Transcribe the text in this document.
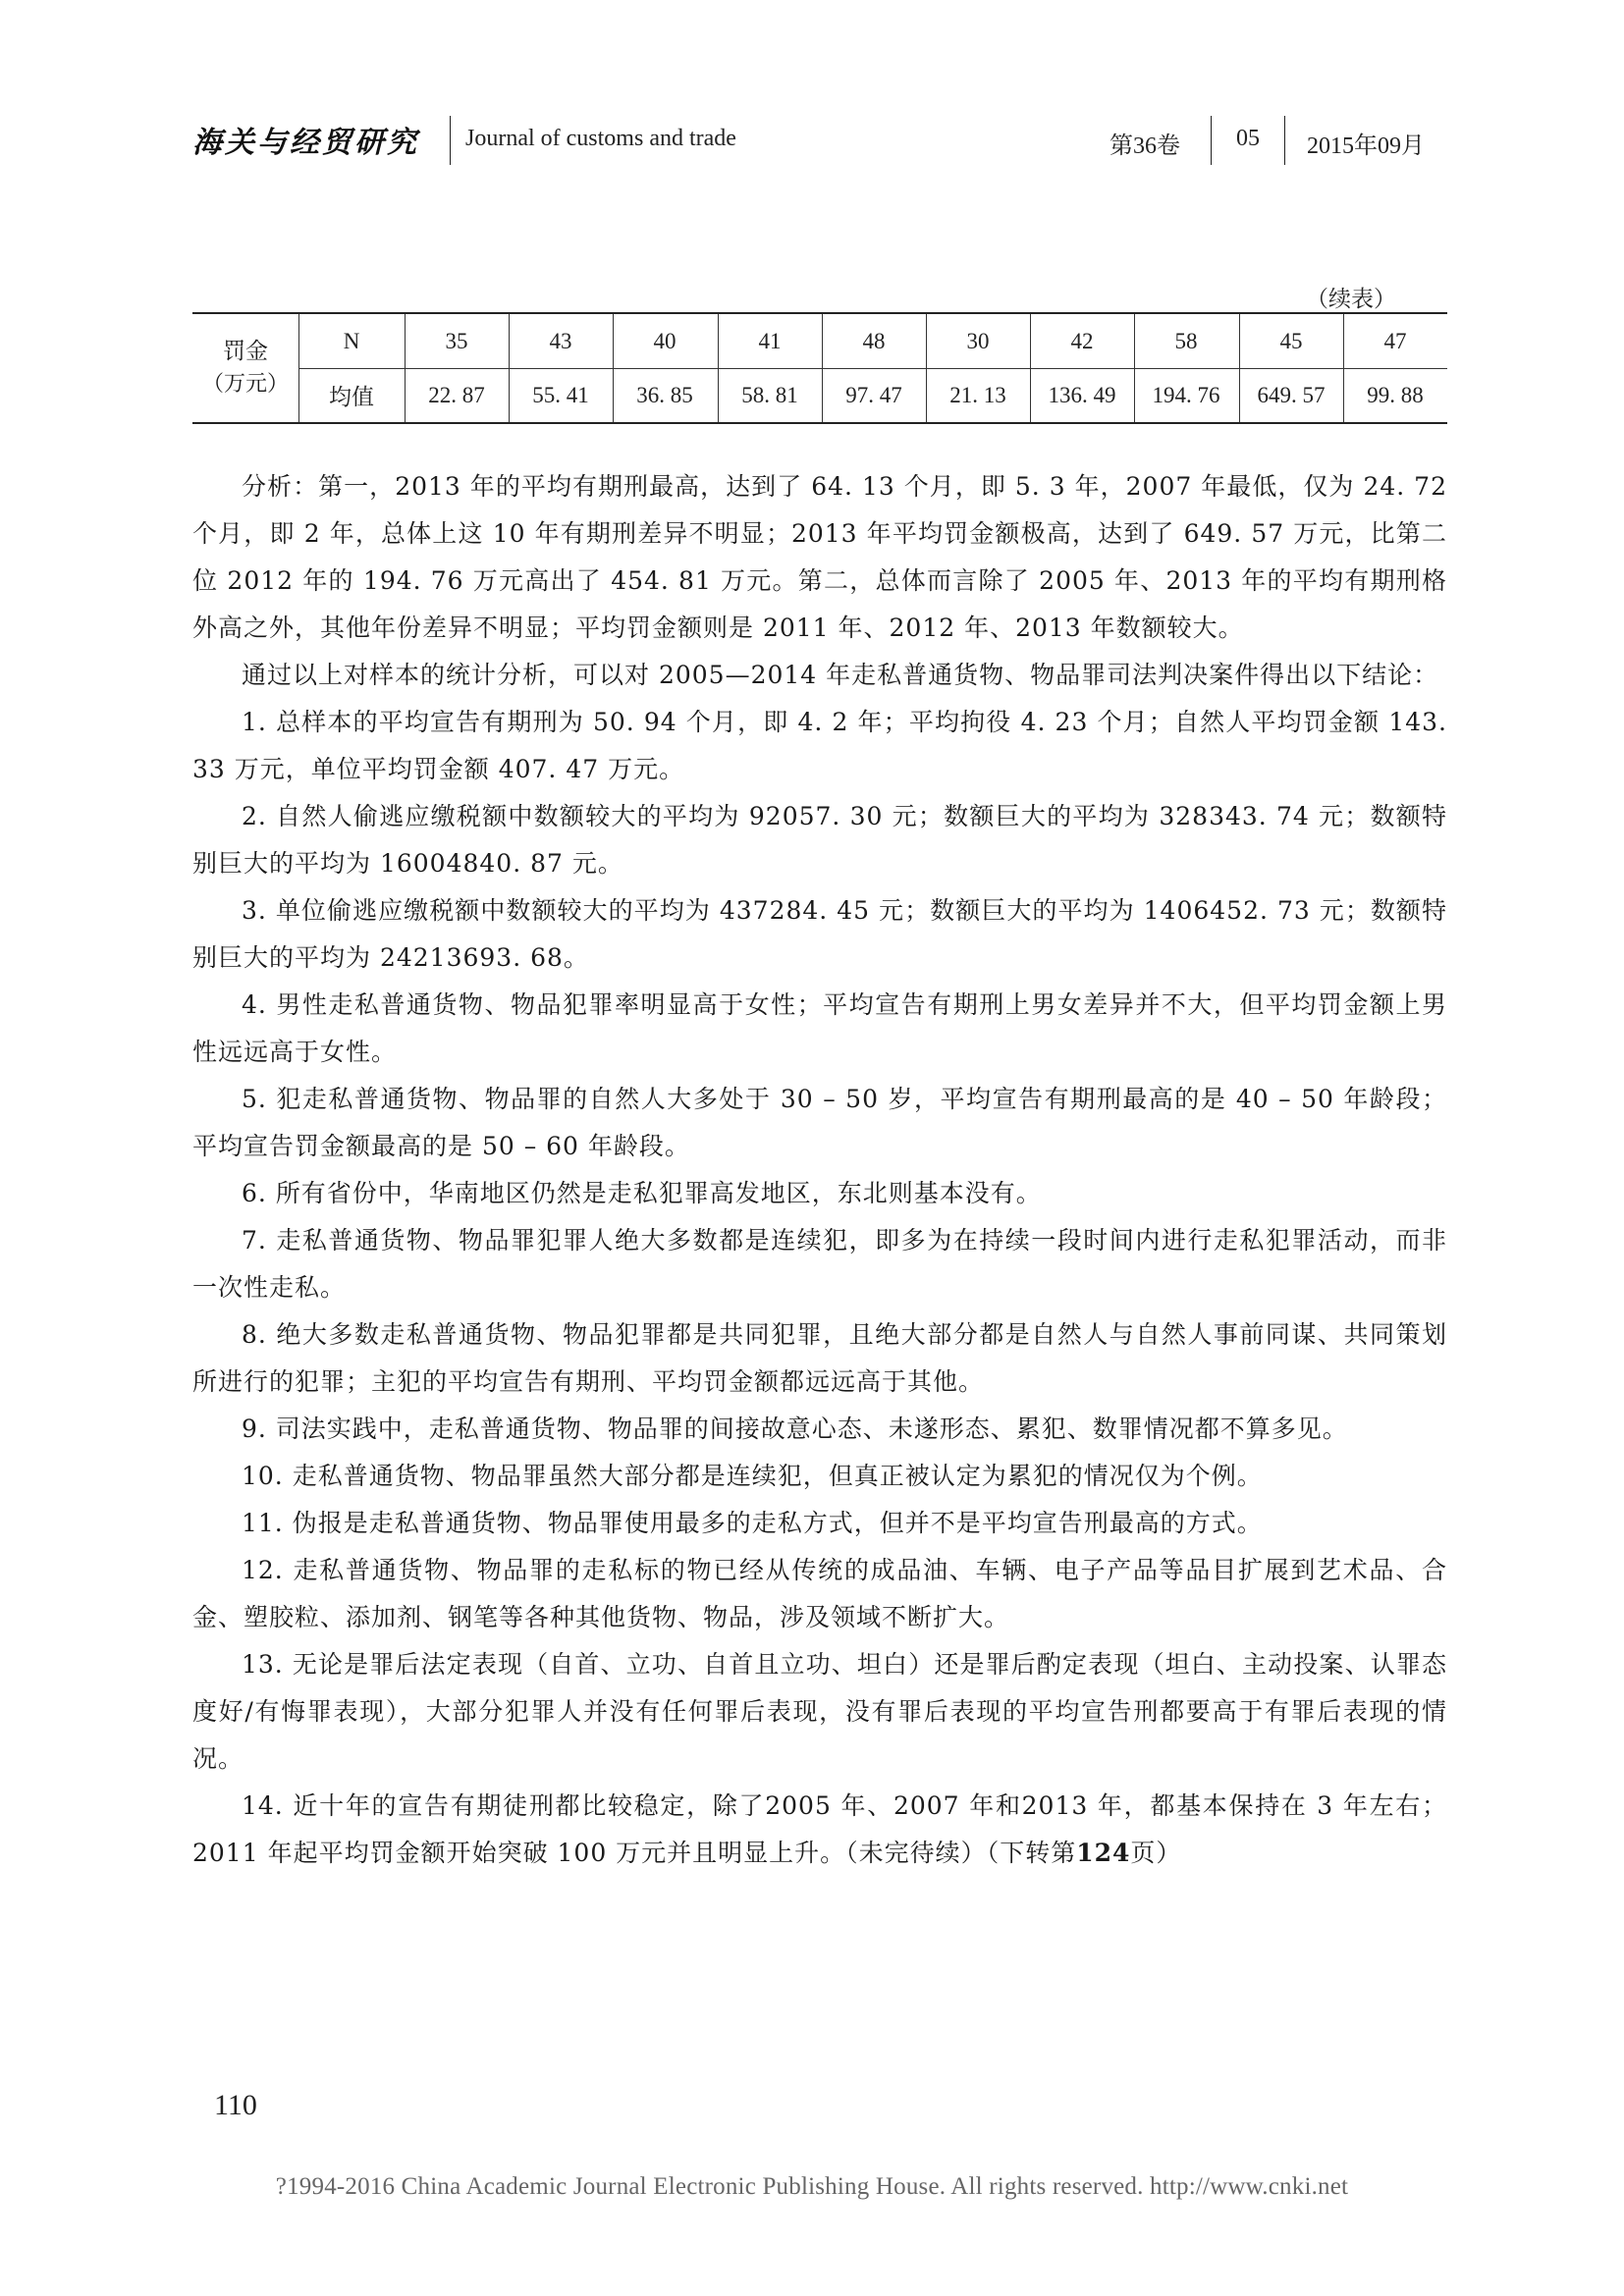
海关与经贸研究 Journal of customs and trade	第36卷 05 2015年09月
（续表）
罚金
（万元）
N
均值
35
22. 87
43
55. 41
40
36. 85
41
58. 81
48
97. 47
30
21. 13
42
136. 49
58
194. 76
45
649. 57
47
99. 88

分析：第一，2013 年的平均有期刑最高，达到了 64. 13 个月，即 5. 3 年，2007 年最低，仅为 24. 72 个月，即 2 年，总体上这 10 年有期刑差异不明显；2013 年平均罚金额极高，达到了 649. 57 万元，比第二位 2012 年的 194. 76 万元高出了 454. 81 万元。第二，总体而言除了 2005 年、2013 年的平均有期刑格外高之外，其他年份差异不明显；平均罚金额则是 2011 年、2012 年、2013 年数额较大。

通过以上对样本的统计分析，可以对 2005—2014 年走私普通货物、物品罪司法判决案件得出以下结论：

1. 总样本的平均宣告有期刑为 50. 94 个月，即 4. 2 年；平均拘役 4. 23 个月；自然人平均罚金额 143. 33 万元，单位平均罚金额 407. 47 万元。

2. 自然人偷逃应缴税额中数额较大的平均为 92057. 30 元；数额巨大的平均为 328343. 74 元；数额特别巨大的平均为 16004840. 87 元。

3. 单位偷逃应缴税额中数额较大的平均为 437284. 45 元；数额巨大的平均为 1406452. 73 元；数额特别巨大的平均为 24213693. 68。

4. 男性走私普通货物、物品犯罪率明显高于女性；平均宣告有期刑上男女差异并不大，但平均罚金额上男性远远高于女性。

5. 犯走私普通货物、物品罪的自然人大多处于 30 – 50 岁，平均宣告有期刑最高的是 40 – 50 年龄段；平均宣告罚金额最高的是 50 – 60 年龄段。

6. 所有省份中，华南地区仍然是走私犯罪高发地区，东北则基本没有。

7. 走私普通货物、物品罪犯罪人绝大多数都是连续犯，即多为在持续一段时间内进行走私犯罪活动，而非一次性走私。

8. 绝大多数走私普通货物、物品犯罪都是共同犯罪，且绝大部分都是自然人与自然人事前同谋、共同策划所进行的犯罪；主犯的平均宣告有期刑、平均罚金额都远远高于其他。

9. 司法实践中，走私普通货物、物品罪的间接故意心态、未遂形态、累犯、数罪情况都不算多见。

10. 走私普通货物、物品罪虽然大部分都是连续犯，但真正被认定为累犯的情况仅为个例。

11. 伪报是走私普通货物、物品罪使用最多的走私方式，但并不是平均宣告刑最高的方式。

12. 走私普通货物、物品罪的走私标的物已经从传统的成品油、车辆、电子产品等品目扩展到艺术品、合金、塑胶粒、添加剂、钢笔等各种其他货物、物品，涉及领域不断扩大。

13. 无论是罪后法定表现（自首、立功、自首且立功、坦白）还是罪后酌定表现（坦白、主动投案、认罪态度好/有悔罪表现），大部分犯罪人并没有任何罪后表现，没有罪后表现的平均宣告刑都要高于有罪后表现的情况。

14. 近十年的宣告有期徒刑都比较稳定，除了2005 年、2007 年和2013 年，都基本保持在 3 年左右；2011 年起平均罚金额开始突破 100 万元并且明显上升。（未完待续）（下转第124页）

110
?1994-2016 China Academic Journal Electronic Publishing House. All rights reserved. http://www.cnki.net
